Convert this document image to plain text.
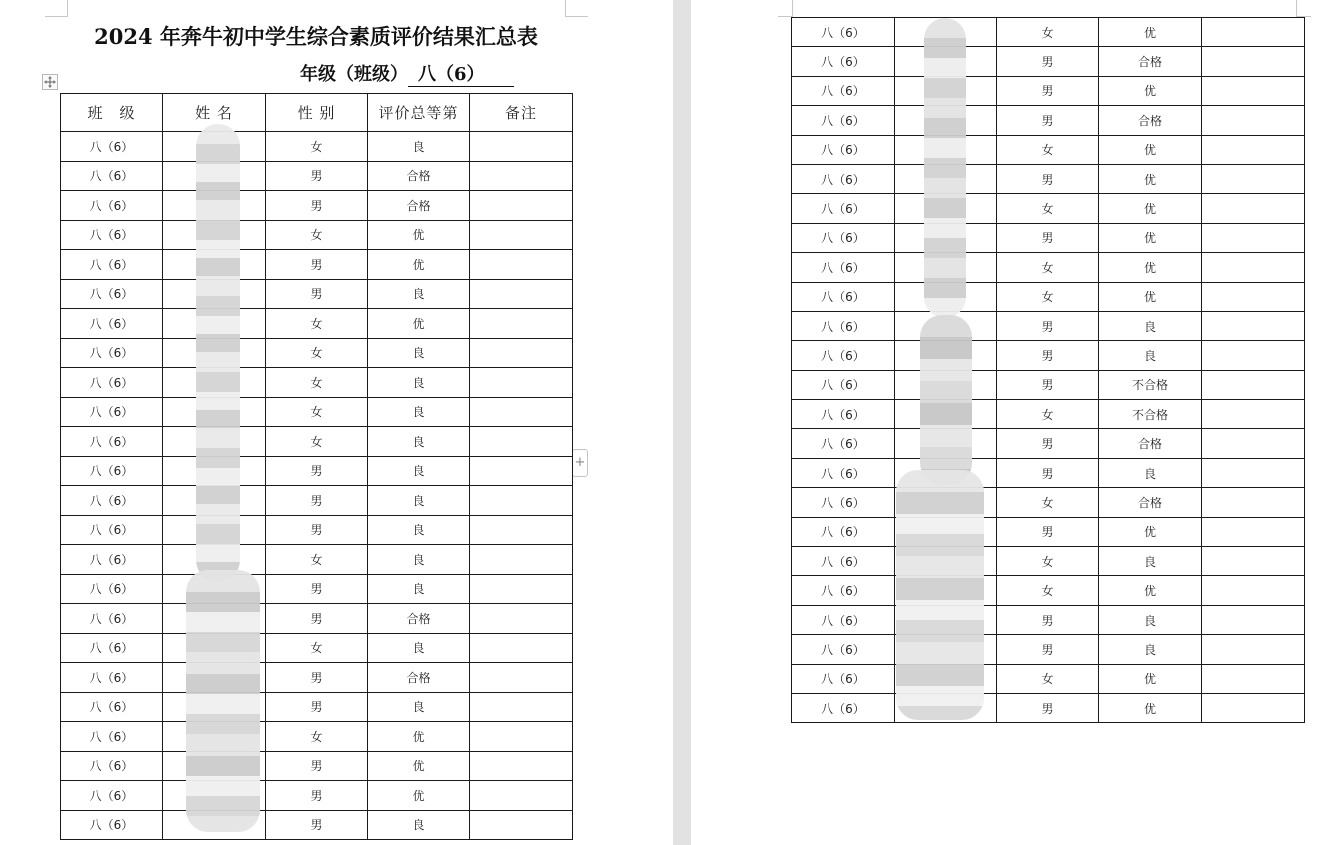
2024 年奔牛初中学生综合素质评价结果汇总表
年级（班级） 八（6）
+
班　级	姓 名	性 别	评价总等第	备注
八（6）		女	良	
八（6）		男	合格	
八（6）		男	合格	
八（6）		女	优	
八（6）		男	优	
八（6）		男	良	
八（6）		女	优	
八（6）		女	良	
八（6）		女	良	
八（6）		女	良	
八（6）		女	良	
八（6）		男	良	
八（6）		男	良	
八（6）		男	良	
八（6）		女	良	
八（6）		男	良	
八（6）		男	合格	
八（6）		女	良	
八（6）		男	合格	
八（6）		男	良	
八（6）		女	优	
八（6）		男	优	
八（6）		男	优	
八（6）		男	良	
八（6）		女	优	
八（6）		男	合格	
八（6）		男	优	
八（6）		男	合格	
八（6）		女	优	
八（6）		男	优	
八（6）		女	优	
八（6）		男	优	
八（6）		女	优	
八（6）		女	优	
八（6）		男	良	
八（6）		男	良	
八（6）		男	不合格	
八（6）		女	不合格	
八（6）		男	合格	
八（6）		男	良	
八（6）		女	合格	
八（6）		男	优	
八（6）		女	良	
八（6）		女	优	
八（6）		男	良	
八（6）		男	良	
八（6）		女	优	
八（6）		男	优	
